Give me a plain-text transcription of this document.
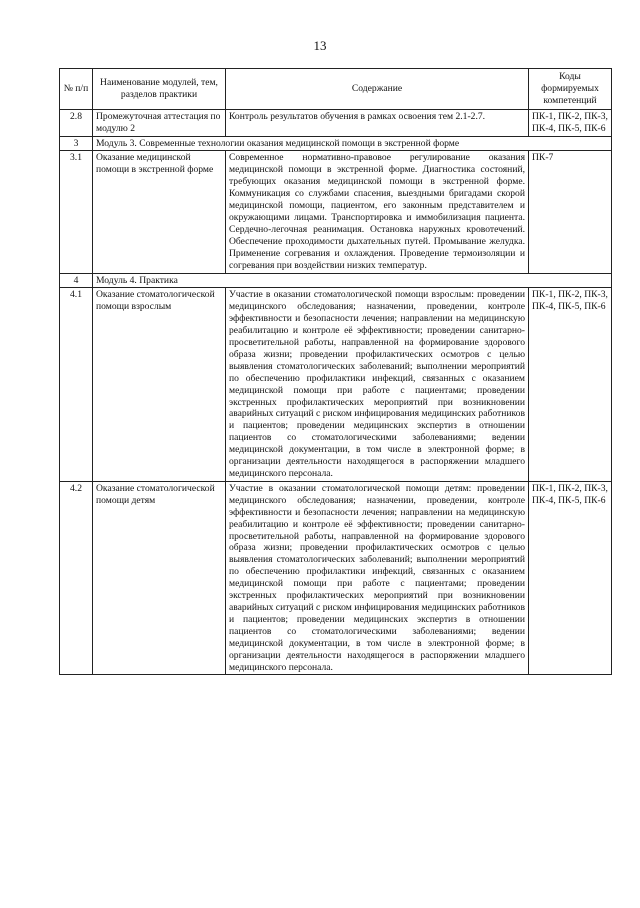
13
№ п/п	Наименование модулей, тем, разделов практики	Содержание	Коды формируемых компетенций
2.8	Промежуточная аттестация по модулю 2	Контроль результатов обучения в рамках освоения тем 2.1-2.7.	ПК-1, ПК-2, ПК-3, ПК-4, ПК-5, ПК-6
3	Модуль 3. Современные технологии оказания медицинской помощи в экстренной форме		
3.1	Оказание медицинской помощи в экстренной форме	Современное нормативно-правовое регулирование оказания медицинской помощи в экстренной форме. Диагностика состояний, требующих оказания медицинской помощи в экстренной форме. Коммуникация со службами спасения, выездными бригадами скорой медицинской помощи, пациентом, его законным представителем и окружающими лицами. Транспортировка и иммобилизация пациента. Сердечно-легочная реанимация. Остановка наружных кровотечений. Обеспечение проходимости дыхательных путей. Промывание желудка. Применение согревания и охлаждения. Проведение термоизоляции и согревания при воздействии низких температур.	ПК-7
4	Модуль 4. Практика		
4.1	Оказание стоматологической помощи взрослым	Участие в оказании стоматологической помощи взрослым: проведении медицинского обследования; назначении, проведении, контроле эффективности и безопасности лечения; направлении на медицинскую реабилитацию и контроле её эффективности; проведении санитарно-просветительной работы, направленной на формирование здорового образа жизни; проведении профилактических осмотров с целью выявления стоматологических заболеваний; выполнении мероприятий по обеспечению профилактики инфекций, связанных с оказанием медицинской помощи при работе с пациентами; проведении экстренных профилактических мероприятий при возникновении аварийных ситуаций с риском инфицирования медицинских работников и пациентов; проведении медицинских экспертиз в отношении пациентов со стоматологическими заболеваниями; ведении медицинской документации, в том числе в электронной форме; в организации деятельности находящегося в распоряжении младшего медицинского персонала.	ПК-1, ПК-2, ПК-3, ПК-4, ПК-5, ПК-6
4.2	Оказание стоматологической помощи детям	Участие в оказании стоматологической помощи детям: проведении медицинского обследования; назначении, проведении, контроле эффективности и безопасности лечения; направлении на медицинскую реабилитацию и контроле её эффективности; проведении санитарно-просветительной работы, направленной на формирование здорового образа жизни; проведении профилактических осмотров с целью выявления стоматологических заболеваний; выполнении мероприятий по обеспечению профилактики инфекций, связанных с оказанием медицинской помощи при работе с пациентами; проведении экстренных профилактических мероприятий при возникновении аварийных ситуаций с риском инфицирования медицинских работников и пациентов; проведении медицинских экспертиз в отношении пациентов со стоматологическими заболеваниями; ведении медицинской документации, в том числе в электронной форме; в организации деятельности находящегося в распоряжении младшего медицинского персонала.	ПК-1, ПК-2, ПК-3, ПК-4, ПК-5, ПК-6
